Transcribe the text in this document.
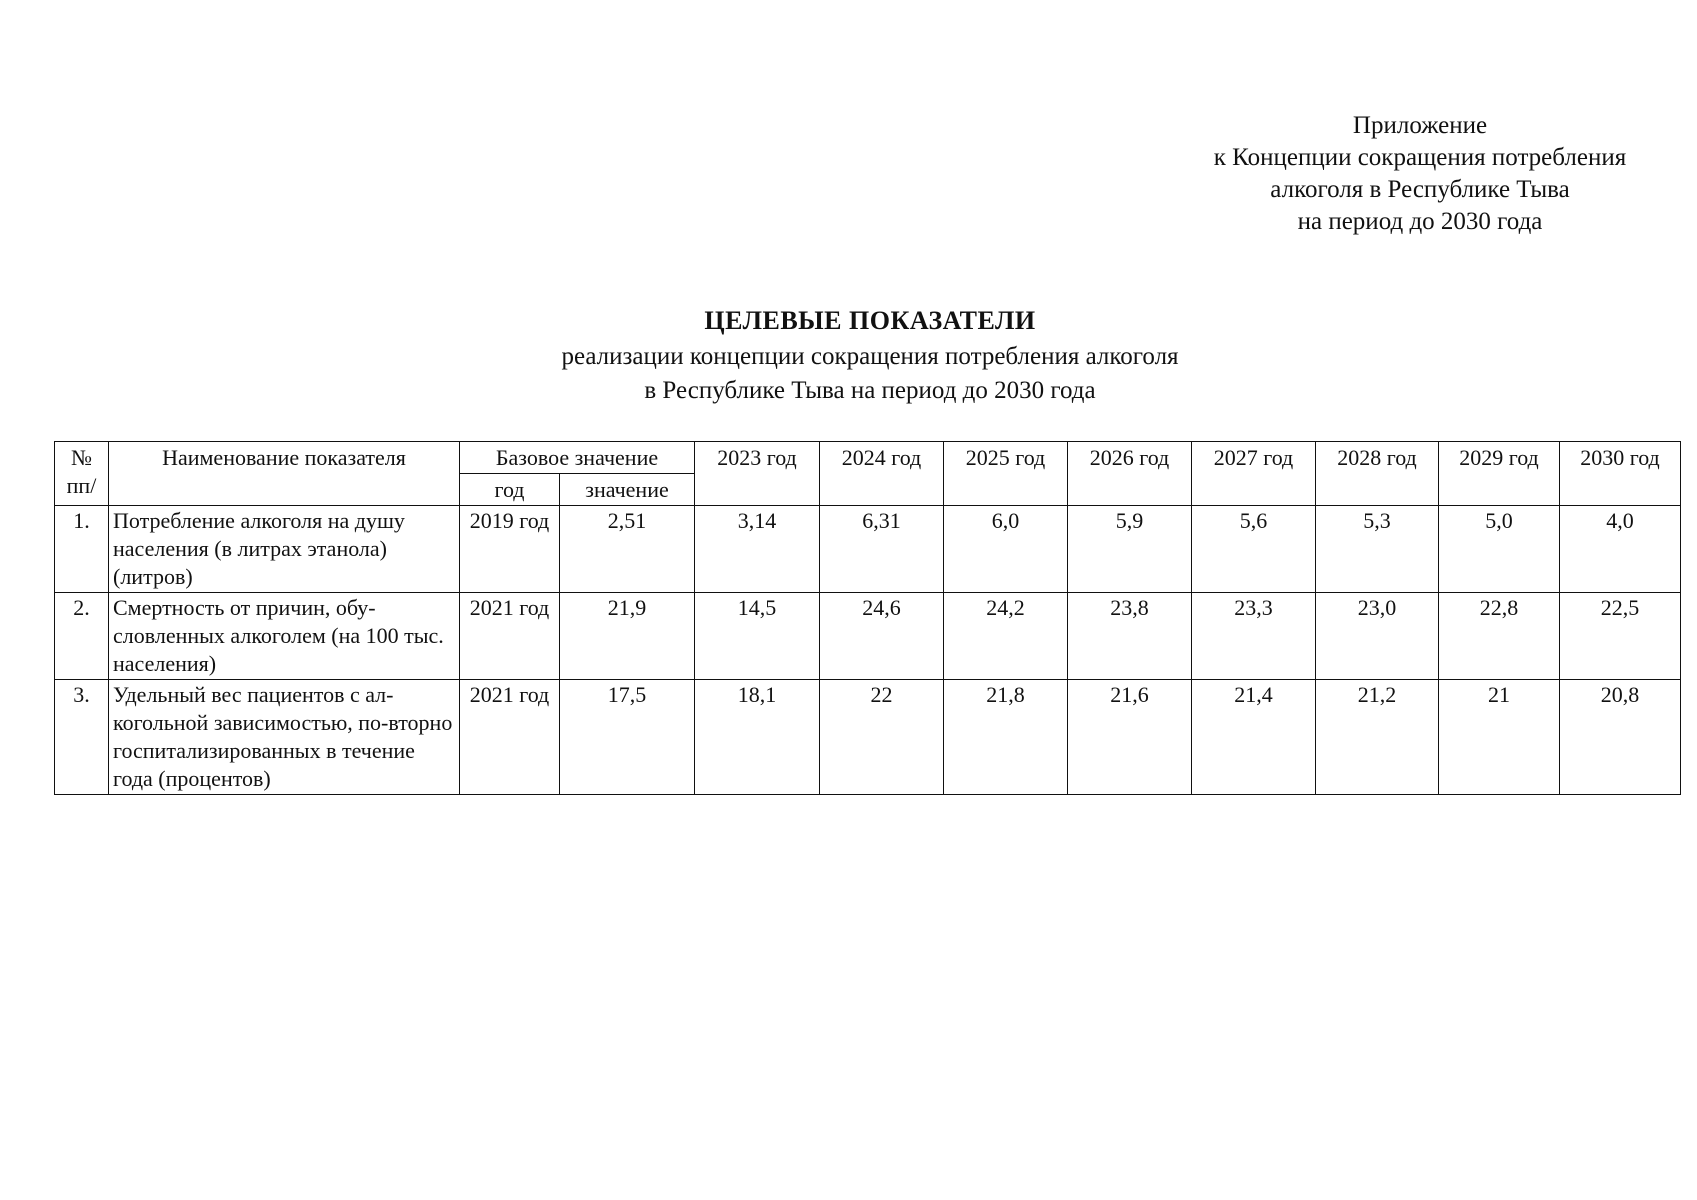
Приложение
к Концепции сокращения потребления
алкоголя в Республике Тыва
на период до 2030 года
ЦЕЛЕВЫЕ ПОКАЗАТЕЛИ
реализации концепции сокращения потребления алкоголя
в Республике Тыва на период до 2030 года
№ пп/	Наименование показателя	Базовое значение		2023 год	2024 год	2025 год	2026 год	2027 год	2028 год	2029 год	2030 год
		год	значение								
1.	Потребление алкоголя на душу населения (в литрах этанола) (литров)	2019 год	2,51	3,14	6,31	6,0	5,9	5,6	5,3	5,0	4,0
2.	Смертность от причин, обу-словленных алкоголем (на 100 тыс. населения)	2021 год	21,9	14,5	24,6	24,2	23,8	23,3	23,0	22,8	22,5
3.	Удельный вес пациентов с ал-когольной зависимостью, по-вторно госпитализированных в течение года (процентов)	2021 год	17,5	18,1	22	21,8	21,6	21,4	21,2	21	20,8
